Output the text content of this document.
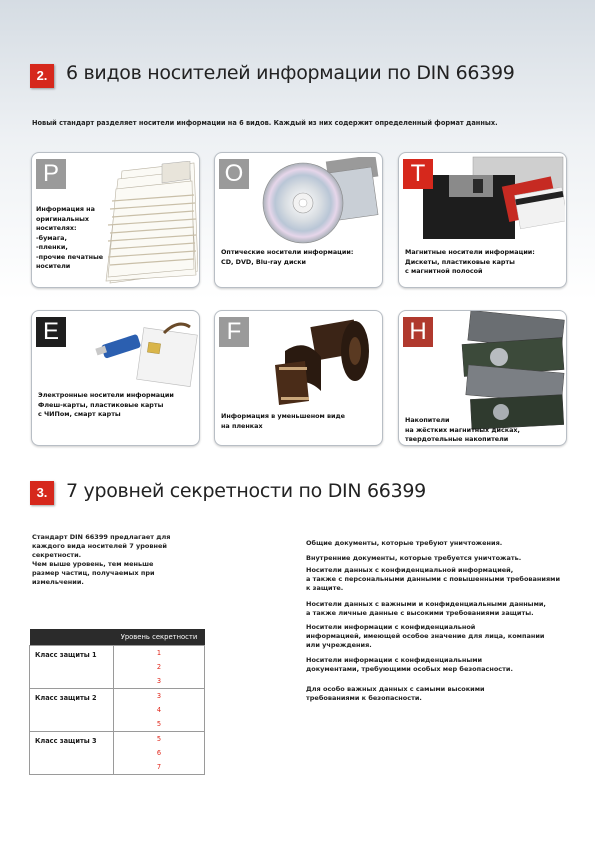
2. 6 видов носителей информации по DIN 66399
Новый стандарт разделяет носители информации на 6 видов. Каждый из них содержит определенный формат данных.
P
Информация на
оригинальных
носителях:
-бумага,
-пленки,
-прочие печатные
носители
O
Оптические носители информации:
CD, DVD, Blu-ray диски
T
Магнитные носители информации:
Дискеты, пластиковые карты
с магнитной полосой
E
Электронные носители информации
Флеш-карты, пластиковые карты
с ЧИПом, смарт карты
F
Информация в уменьшеном виде
на пленках
H
Накопители
на жёстких магнитных дисках,
твердотельные накопители
3. 7 уровней секретности по DIN 66399
Стандарт DIN 66399 предлагает для
каждого вида носителей 7 уровней
секретности.
Чем выше уровень, тем меньше
размер частиц, получаемых при
измельчении.
	Уровень секретности
Класс защиты 1	1
2
3

Класс защиты 2	3
4
5

Класс защиты 3	5
6
7
Общие документы, которые требуют уничтожения.
Внутренние документы, которые требуется уничтожать.
Носители данных с конфиденциальной информацией,
а также с персональными данными с повышенными требованиями
к защите.
Носители данных с важными и конфиденциальными данными,
а также личные данные с высокими требованиями защиты.
Носители информации с конфиденциальной
информацией, имеющей особое значение для лица, компании
или учреждения.
Носители информации с конфиденциальными
документами, требующими особых мер безопасности.
Для особо важных данных с самыми высокими
требованиями к безопасности.
